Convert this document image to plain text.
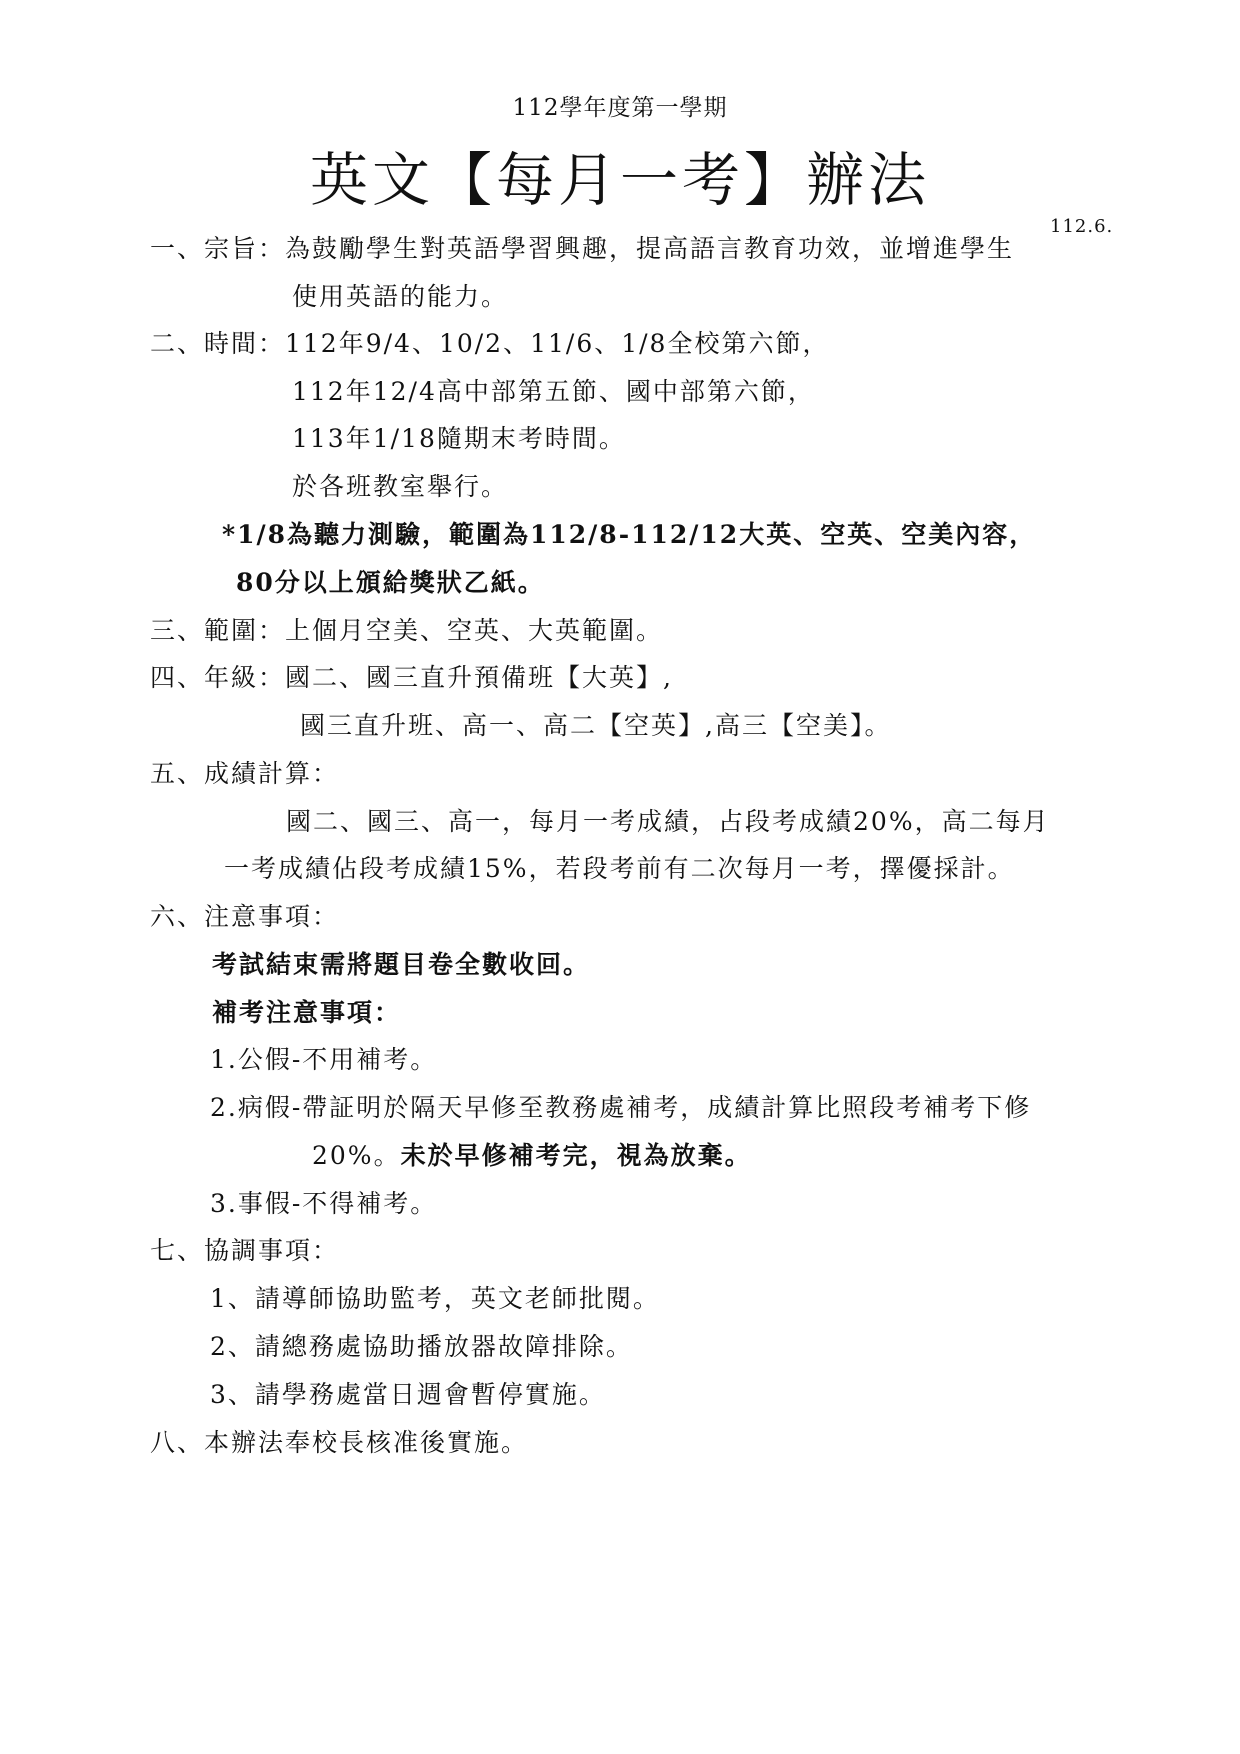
112學年度第一學期
英文【每月一考】辦法
112.6.
一、宗旨：為鼓勵學生對英語學習興趣，提高語言教育功效，並增進學生
使用英語的能力。
二、時間：112年9/4、10/2、11/6、1/8全校第六節，
112年12/4高中部第五節、國中部第六節，
113年1/18隨期末考時間。
於各班教室舉行。
*1/8為聽力測驗，範圍為112/8-112/12大英、空英、空美內容，
80分以上頒給獎狀乙紙。
三、範圍：上個月空美、空英、大英範圍。
四、年級：國二、國三直升預備班【大英】,
國三直升班、高一、高二【空英】,高三【空美】。
五、成績計算：
國二、國三、高一，每月一考成績，占段考成績20%，高二每月
一考成績佔段考成績15%，若段考前有二次每月一考，擇優採計。
六、注意事項：
考試結束需將題目卷全數收回。
補考注意事項：
1.公假-不用補考。
2.病假-帶証明於隔天早修至教務處補考，成績計算比照段考補考下修
20%。未於早修補考完，視為放棄。
3.事假-不得補考。
七、協調事項：
1、請導師協助監考，英文老師批閱。
2、請總務處協助播放器故障排除。
3、請學務處當日週會暫停實施。
八、本辦法奉校長核准後實施。
